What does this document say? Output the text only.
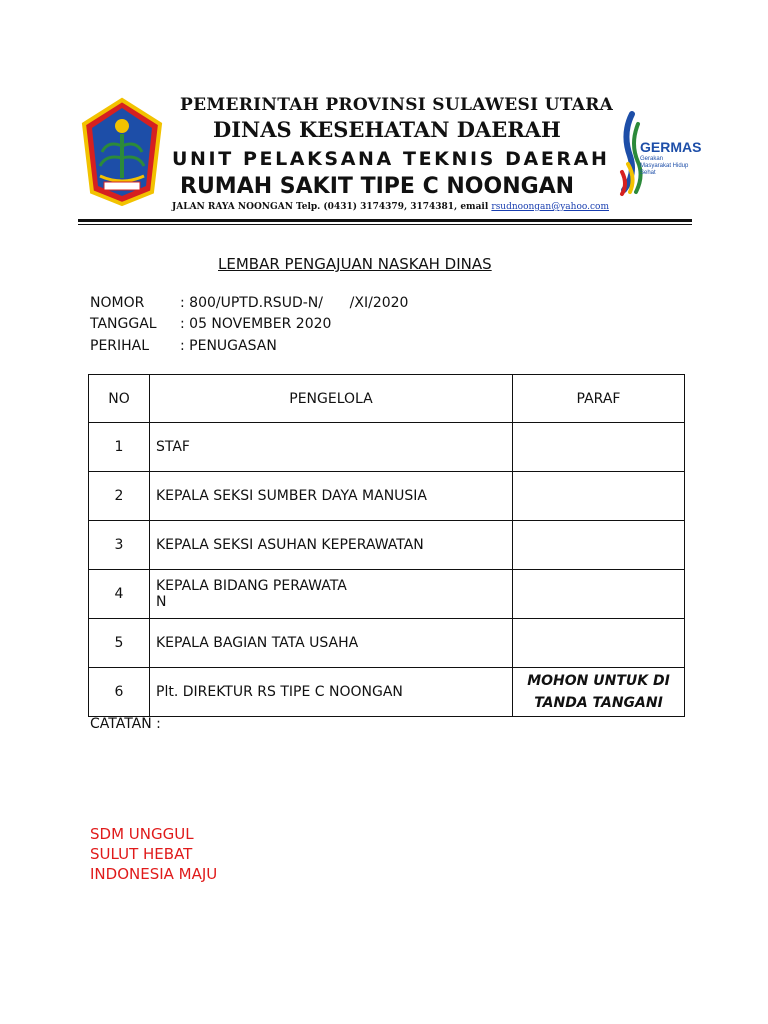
PEMERINTAH PROVINSI SULAWESI UTARA
DINAS KESEHATAN DAERAH
UNIT PELAKSANA TEKNIS DAERAH
RUMAH SAKIT TIPE C NOONGAN
JALAN RAYA NOONGAN Telp. (0431) 3174379, 3174381, email rsudnoongan@yahoo.com
GERMAS
Gerakan Masyarakat Hidup Sehat
LEMBAR PENGAJUAN NASKAH DINAS
NOMOR	: 800/UPTD.RSUD-N/      /XI/2020
TANGGAL : 05 NOVEMBER 2020
PERIHAL : PENUGASAN
NO	PENGELOLA	PARAF
1	STAF	
2	KEPALA SEKSI SUMBER DAYA MANUSIA	
3	KEPALA SEKSI ASUHAN KEPERAWATAN	
4	KEPALA BIDANG PERAWATA
N	
5	KEPALA BAGIAN TATA USAHA	
6	Plt. DIREKTUR RS TIPE C NOONGAN	MOHON UNTUK DI TANDA TANGANI
CATATAN :
SDM UNGGUL
SULUT HEBAT
INDONESIA MAJU
